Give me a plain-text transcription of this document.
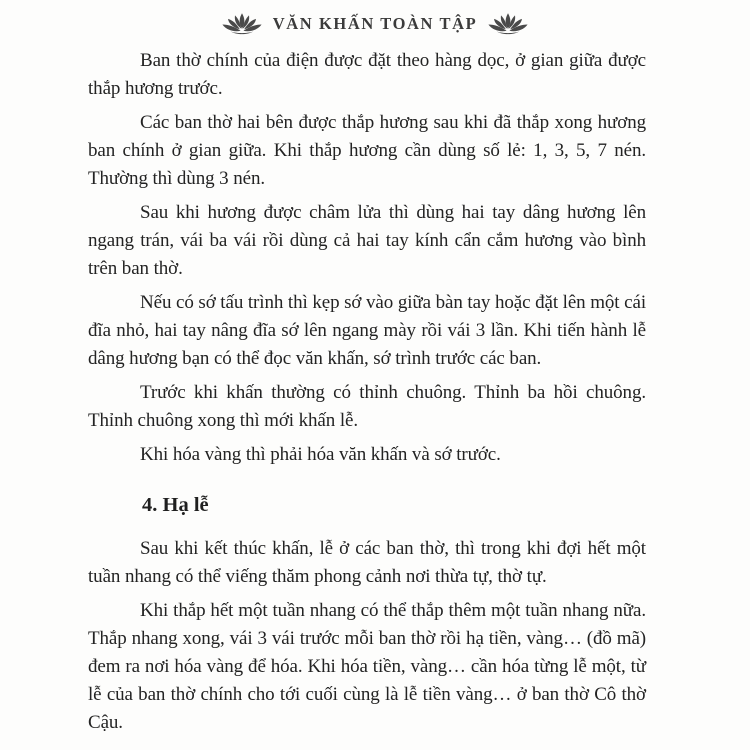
VĂN KHẤN TOÀN TẬP

Ban thờ chính của điện được đặt theo hàng dọc, ở gian giữa được thắp hương trước.

Các ban thờ hai bên được thắp hương sau khi đã thắp xong hương ban chính ở gian giữa. Khi thắp hương cần dùng số lẻ: 1, 3, 5, 7 nén. Thường thì dùng 3 nén.

Sau khi hương được châm lửa thì dùng hai tay dâng hương lên ngang trán, vái ba vái rồi dùng cả hai tay kính cẩn cắm hương vào bình trên ban thờ.

Nếu có sớ tấu trình thì kẹp sớ vào giữa bàn tay hoặc đặt lên một cái đĩa nhỏ, hai tay nâng đĩa sớ lên ngang mày rồi vái 3 lần. Khi tiến hành lễ dâng hương bạn có thể đọc văn khấn, sớ trình trước các ban.

Trước khi khấn thường có thỉnh chuông. Thỉnh ba hồi chuông. Thỉnh chuông xong thì mới khấn lễ.

Khi hóa vàng thì phải hóa văn khấn và sớ trước.

4. Hạ lễ

Sau khi kết thúc khấn, lễ ở các ban thờ, thì trong khi đợi hết một tuần nhang có thể viếng thăm phong cảnh nơi thừa tự, thờ tự.

Khi thắp hết một tuần nhang có thể thắp thêm một tuần nhang nữa. Thắp nhang xong, vái 3 vái trước mỗi ban thờ rồi hạ tiền, vàng… (đồ mã) đem ra nơi hóa vàng để hóa. Khi hóa tiền, vàng… cần hóa từng lễ một, từ lễ của ban thờ chính cho tới cuối cùng là lễ tiền vàng… ở ban thờ Cô thờ Cậu.
